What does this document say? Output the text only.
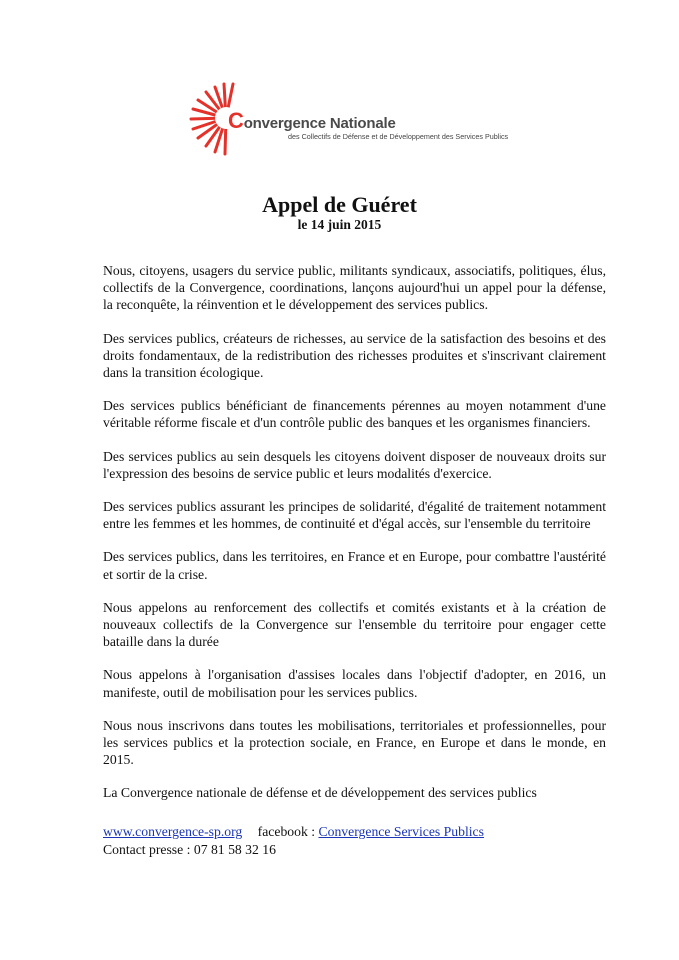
Convergence Nationale
des Collectifs de Défense et de Développement des Services Publics
Appel de Guéret
le 14 juin 2015

Nous, citoyens, usagers du service public, militants syndicaux, associatifs, politiques, élus, collectifs de la Convergence, coordinations, lançons aujourd'hui un appel pour la défense, la reconquête, la réinvention et le développement des services publics.

Des services publics, créateurs de richesses, au service de la satisfaction des besoins et des droits fondamentaux, de la redistribution des richesses produites et s'inscrivant clairement dans la transition écologique.

Des services publics bénéficiant de financements pérennes au moyen notamment d'une véritable réforme fiscale et d'un contrôle public des banques et les organismes financiers.

Des services publics au sein desquels les citoyens doivent disposer de nouveaux droits sur l'expression des besoins de service public et leurs modalités d'exercice.

Des services publics assurant les principes de solidarité, d'égalité de traitement notamment entre les femmes et les hommes, de continuité et d'égal accès, sur l'ensemble du territoire

Des services publics, dans les territoires, en France et en Europe, pour combattre l'austérité et sortir de la crise.

Nous appelons au renforcement des collectifs et comités existants et à la création de nouveaux collectifs de la Convergence sur l'ensemble du territoire pour engager cette bataille dans la durée

Nous appelons à l'organisation d'assises locales dans l'objectif d'adopter, en 2016, un manifeste, outil de mobilisation pour les services publics.

Nous nous inscrivons dans toutes les mobilisations, territoriales et professionnelles, pour les services publics et la protection sociale, en France, en Europe et dans le monde, en 2015.

La Convergence nationale de défense et de développement des services publics

www.convergence-sp.org facebook : Convergence Services Publics
Contact presse : 07 81 58 32 16
